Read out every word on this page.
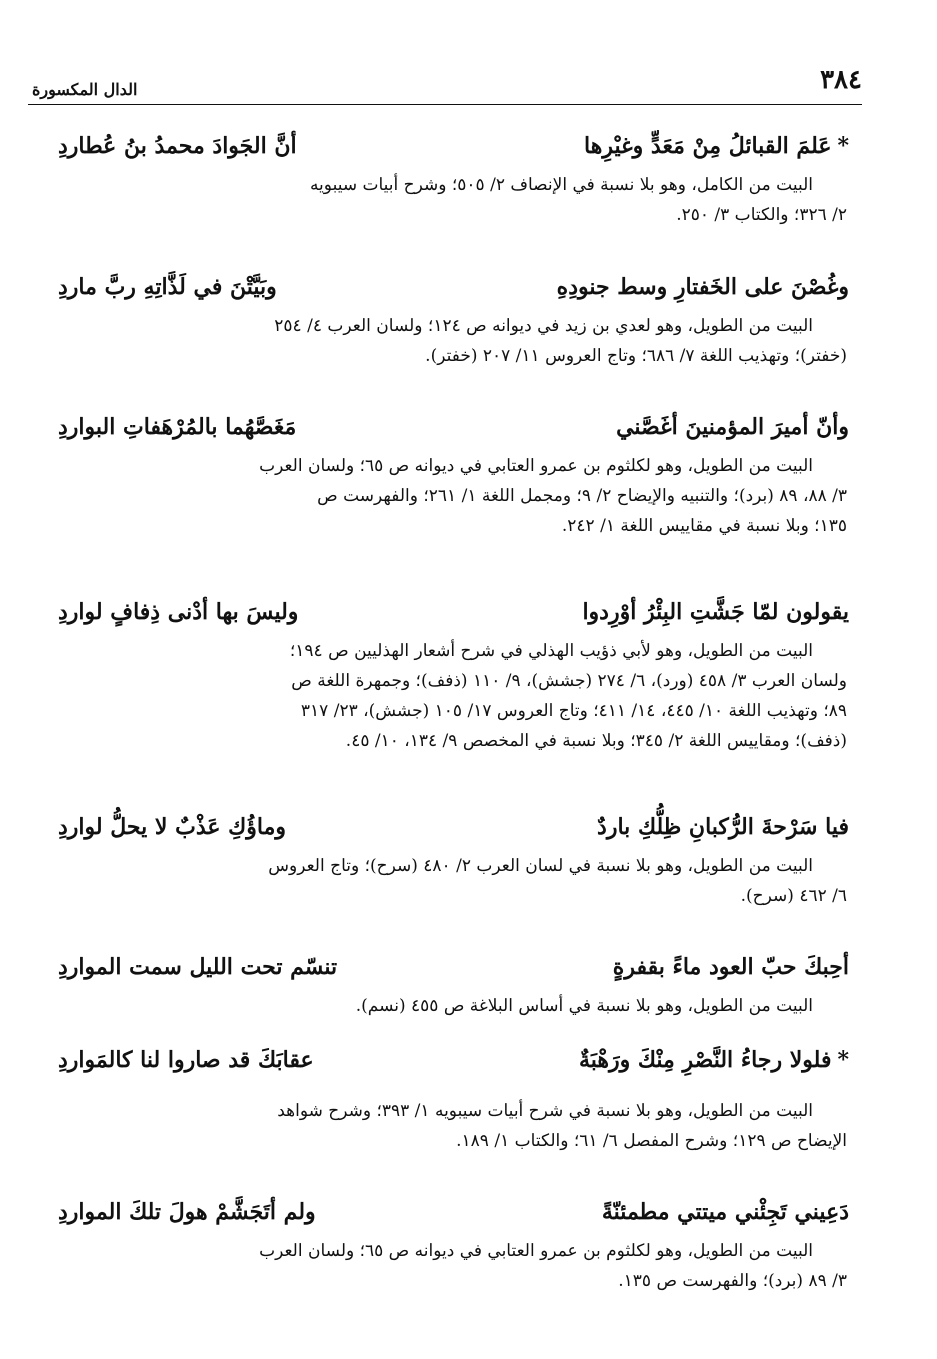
٣٨٤
الدال المكسورة
*عَلمَ القبائلُ مِنْ مَعَدٍّ وغيْرِها
أنَّ الجَوادَ محمدُ بنُ عُطاردِ

البيت من الكامل، وهو بلا نسبة في الإنصاف ٢/ ٥٠٥؛ وشرح أبيات سيبويه

٢/ ٣٢٦؛ والكتاب ٣/ ٢٥٠.

وغُصْنَ على الخَفتارِ وسط جنودِهِ
وبَيَّتْنَ في لَذَّاتِهِ ربَّ ماردِ

البيت من الطويل، وهو لعدي بن زيد في ديوانه ص ١٢٤؛ ولسان العرب ٤/ ٢٥٤

(خفتر)؛ وتهذيب اللغة ٧/ ٦٨٦؛ وتاج العروس ١١/ ٢٠٧ (خفتر).

وأنّ أميرَ المؤمنينَ أغَصَّني
مَغَصَّهُما بالمُرْهَفاتِ البواردِ

البيت من الطويل، وهو لكلثوم بن عمرو العتابي في ديوانه ص ٦٥؛ ولسان العرب

٣/ ٨٨، ٨٩ (برد)؛ والتنبيه والإيضاح ٢/ ٩؛ ومجمل اللغة ١/ ٢٦١؛ والفهرست ص

١٣٥؛ وبلا نسبة في مقاييس اللغة ١/ ٢٤٢.

يقولون لمّا جَشَّتِ البِئْرُ أوْرِدوا
وليسَ بها أدْنى ذِفافٍ لواردِ

البيت من الطويل، وهو لأبي ذؤيب الهذلي في شرح أشعار الهذليين ص ١٩٤؛

ولسان العرب ٣/ ٤٥٨ (ورد)، ٦/ ٢٧٤ (جشش)، ٩/ ١١٠ (ذفف)؛ وجمهرة اللغة ص

٨٩؛ وتهذيب اللغة ١٠/ ٤٤٥، ١٤/ ٤١١؛ وتاج العروس ١٧/ ١٠٥ (جشش)، ٢٣/ ٣١٧

(ذفف)؛ ومقاييس اللغة ٢/ ٣٤٥؛ وبلا نسبة في المخصص ٩/ ١٣٤، ١٠/ ٤٥.

فيا سَرْحةَ الرُّكبانِ ظِلُّكِ باردٌ
وماؤُكِ عَذْبٌ لا يحلُّ لواردِ

البيت من الطويل، وهو بلا نسبة في لسان العرب ٢/ ٤٨٠ (سرح)؛ وتاج العروس

٦/ ٤٦٢ (سرح).

أحِبكَ حبّ العود ماءً بقفرةٍ
تنسّم تحت الليل سمت المواردِ

البيت من الطويل، وهو بلا نسبة في أساس البلاغة ص ٤٥٥ (نسم).

*فلولا رجاءُ النَّصْرِ مِنْكَ ورَهْبَةٌ
عقابَكَ قد صاروا لنا كالمَواردِ

البيت من الطويل، وهو بلا نسبة في شرح أبيات سيبويه ١/ ٣٩٣؛ وشرح شواهد

الإيضاح ص ١٢٩؛ وشرح المفصل ٦/ ٦١؛ والكتاب ١/ ١٨٩.

دَعِيني تَجِئْني ميتتي مطمئنّةً
ولم أتَجَشَّمْ هولَ تلكَ المواردِ

البيت من الطويل، وهو لكلثوم بن عمرو العتابي في ديوانه ص ٦٥؛ ولسان العرب

٣/ ٨٩ (برد)؛ والفهرست ص ١٣٥.
